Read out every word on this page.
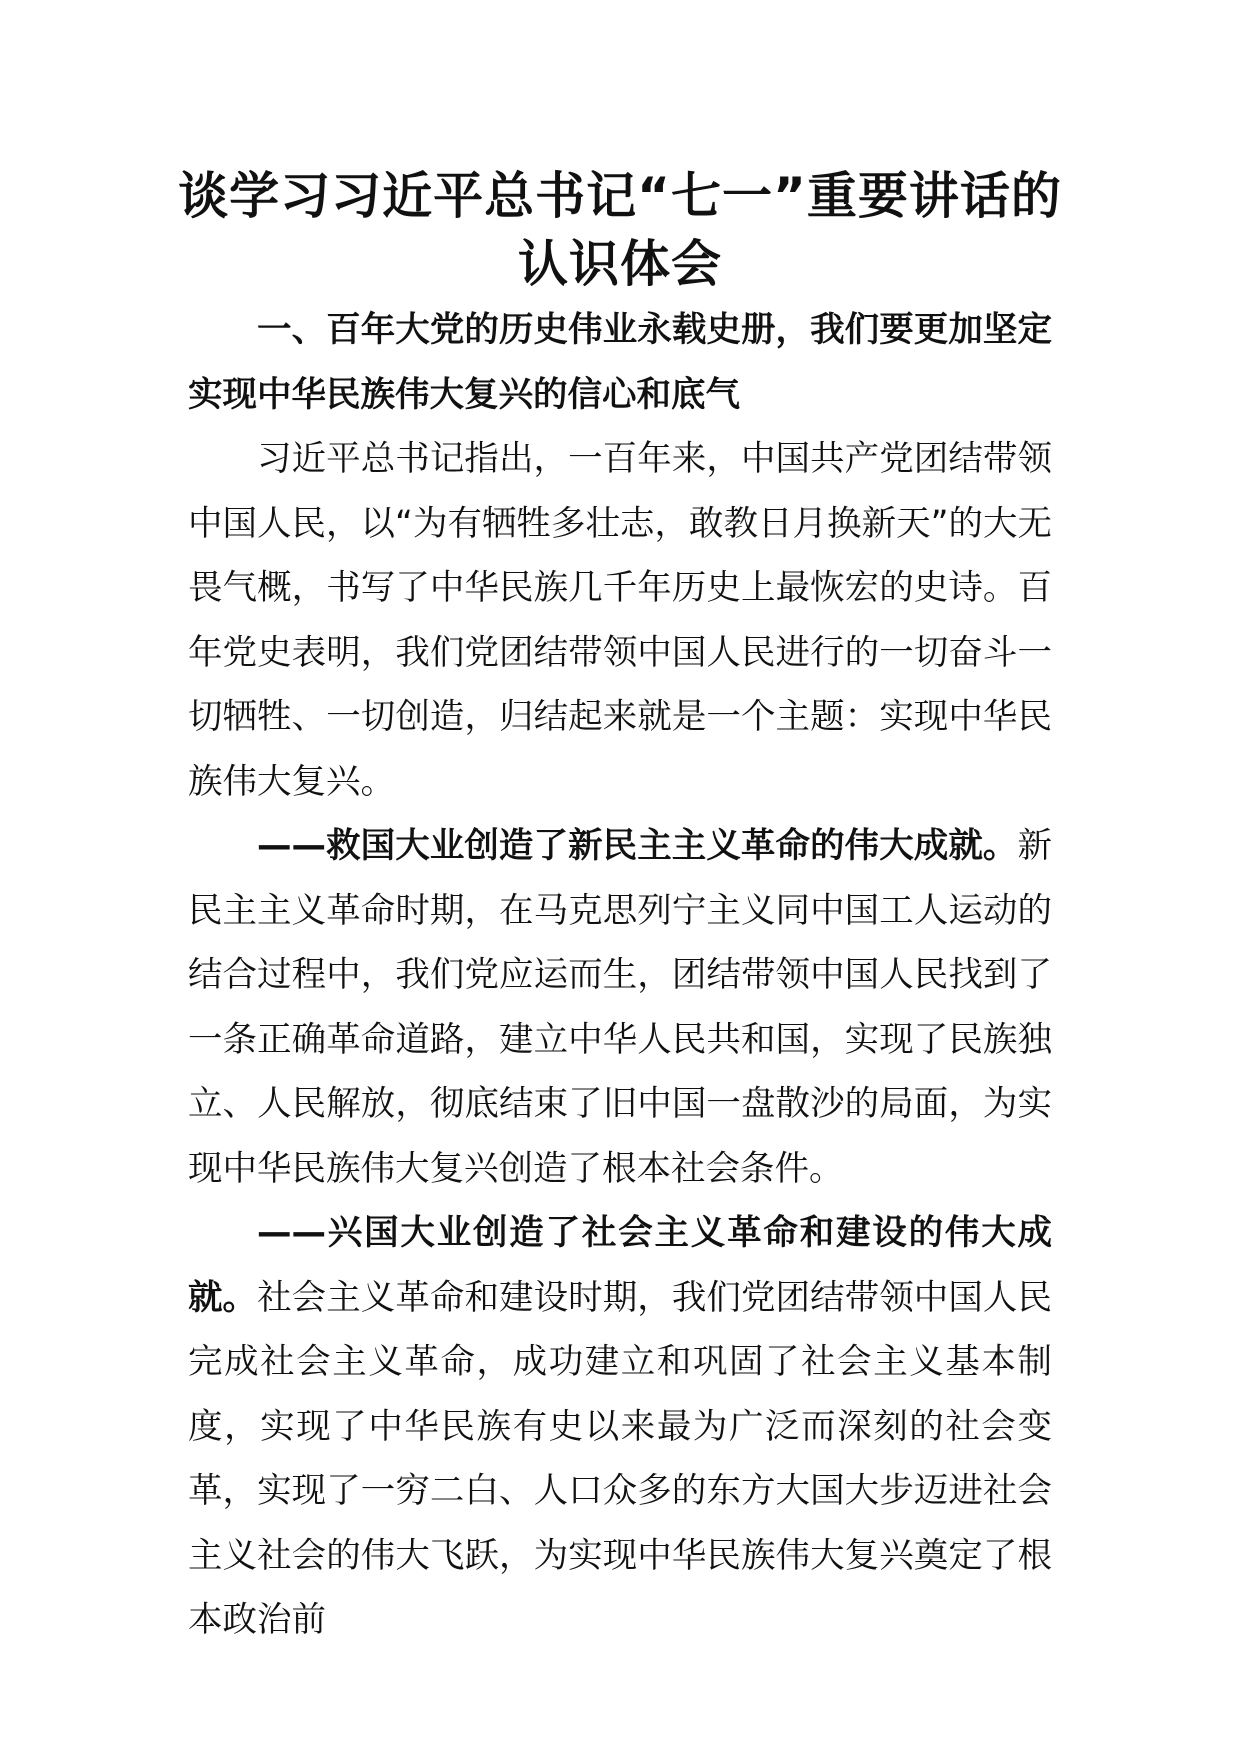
谈学习习近平总书记“七一”重要讲话的
认识体会

一、百年大党的历史伟业永载史册，我们要更加坚定实现中华民族伟大复兴的信心和底气

习近平总书记指出，一百年来，中国共产党团结带领中国人民，以“为有牺牲多壮志，敢教日月换新天”的大无畏气概，书写了中华民族几千年历史上最恢宏的史诗。百年党史表明，我们党团结带领中国人民进行的一切奋斗一切牺牲、一切创造，归结起来就是一个主题：实现中华民族伟大复兴。

——救国大业创造了新民主主义革命的伟大成就。新民主主义革命时期，在马克思列宁主义同中国工人运动的结合过程中，我们党应运而生，团结带领中国人民找到了一条正确革命道路，建立中华人民共和国，实现了民族独立、人民解放，彻底结束了旧中国一盘散沙的局面，为实现中华民族伟大复兴创造了根本社会条件。

——兴国大业创造了社会主义革命和建设的伟大成就。社会主义革命和建设时期，我们党团结带领中国人民完成社会主义革命，成功建立和巩固了社会主义基本制度，实现了中华民族有史以来最为广泛而深刻的社会变革，实现了一穷二白、人口众多的东方大国大步迈进社会主义社会的伟大飞跃，为实现中华民族伟大复兴奠定了根本政治前
